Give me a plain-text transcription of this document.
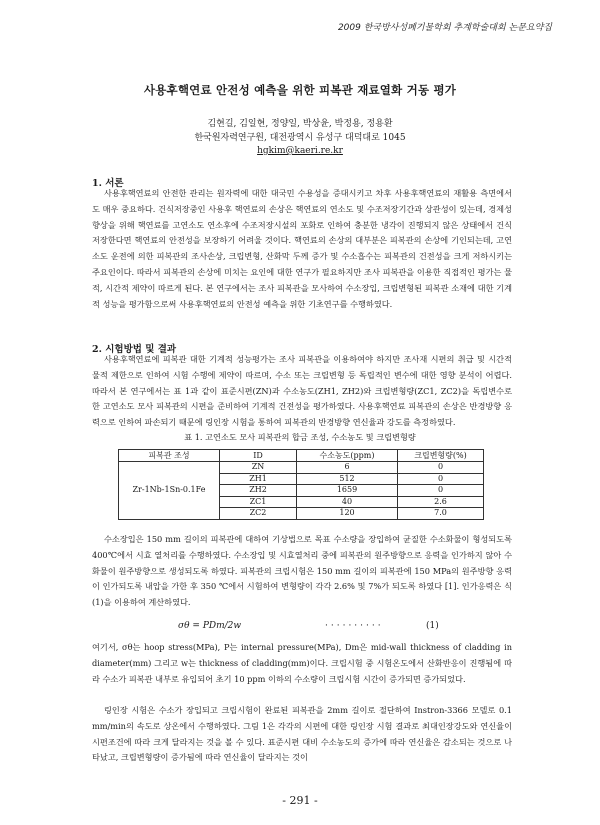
2009 한국방사성폐기물학회 추계학술대회 논문요약집
사용후핵연료 안전성 예측을 위한 피복관 재료열화 거동 평가
김현길, 김일현, 정양일, 박상윤, 박정용, 정용환
한국원자력연구원, 대전광역시 유성구 대덕대로 1045
hgkim@kaeri.re.kr
1. 서론

사용후핵연료의 안전한 관리는 원자력에 대한 대국민 수용성을 증대시키고 차후 사용후핵연료의 재활용 측면에서도 매우 중요하다. 건식저장중인 사용후 핵연료의 손상은 핵연료의 연소도 및 수조저장기간과 상관성이 있는데, 경제성 향상을 위해 핵연료를 고연소도 연소후에 수조저장시설의 포화로 인하여 충분한 냉각이 진행되지 않은 상태에서 건식저장한다면 핵연료의 안전성을 보장하기 어려울 것이다. 핵연료의 손상의 대부분은 피복관의 손상에 기인되는데, 고연소도 운전에 의한 피복관의 조사손상, 크립변형, 산화막 두께 증가 및 수소흡수는 피복관의 건전성을 크게 저하시키는 주요인이다. 따라서 피복관의 손상에 미치는 요인에 대한 연구가 필요하지만 조사 피복관을 이용한 직접적인 평가는 물적, 시간적 제약이 따르게 된다. 본 연구에서는 조사 피복관을 모사하여 수소장입, 크립변형된 피복관 소재에 대한 기계적 성능을 평가함으로써 사용후핵연료의 안전성 예측을 위한 기초연구를 수행하였다.

2. 시험방법 및 결과

사용후핵연료에 피복관 대한 기계적 성능평가는 조사 피복관을 이용하여야 하지만 조사재 시편의 취급 및 시간적 물적 제한으로 인하여 시험 수행에 제약이 따르며, 수소 또는 크립변형 등 독립적인 변수에 대한 영향 분석이 어렵다. 따라서 본 연구에서는 표 1과 같이 표준시편(ZN)과 수소농도(ZH1, ZH2)와 크립변형량(ZC1, ZC2)을 독립변수로 한 고연소도 모사 피복관의 시편을 준비하여 기계적 건전성을 평가하였다. 사용후핵연료 피복관의 손상은 반경방향 응력으로 인하여 파손되기 때문에 링인장 시험을 통하여 피복관의 반경방향 연신율과 강도를 측정하였다.

표 1. 고연소도 모사 피복관의 합금 조성, 수소농도 및 크립변형량
피복관 조성	ID	수소농도(ppm)	크립변형량(%)
Zr-1Nb-1Sn-0.1Fe	ZN	6	0
	ZH1	512	0
	ZH2	1659	0
	ZC1	40	2.6
	ZC2	120	7.0

수소장입은 150 mm 길이의 피복관에 대하여 기상법으로 목표 수소량을 장입하여 균질한 수소화물이 형성되도록 400℃에서 시효 열처리를 수행하였다. 수소장입 및 시효열처리 중에 피복관의 원주방향으로 응력을 인가하지 않아 수화물이 원주방향으로 생성되도록 하였다. 피복관의 크립시험은 150 mm 길이의 피복관에 150 MPa의 원주방향 응력이 인가되도록 내압을 가한 후 350 ℃에서 시험하여 변형량이 각각 2.6% 및 7%가 되도록 하였다 [1]. 인가응력은 식 (1)을 이용하여 계산하였다.

σθ = PDm/2w	··········	(1)

여기서, σθ는 hoop stress(MPa), P는 internal pressure(MPa), Dm은 mid-wall thickness of cladding in diameter(mm) 그리고 w는 thickness of cladding(mm)이다. 크립시험 중 시험온도에서 산화반응이 진행됨에 따라 수소가 피복관 내부로 유입되어 초기 10 ppm 이하의 수소량이 크립시험 시간이 증가되면 증가되었다.

링인장 시험은 수소가 장입되고 크립시험이 완료된 피복관을 2mm 길이로 절단하여 Instron-3366 모델로 0.1 mm/min의 속도로 상온에서 수행하였다. 그림 1은 각각의 시편에 대한 링인장 시험 결과로 최대인장강도와 연신율이 시편조건에 따라 크게 달라지는 것을 볼 수 있다. 표준시편 대비 수소농도의 증가에 따라 연신율은 감소되는 것으로 나타났고, 크립변형량이 증가됨에 따라 연신율이 달라지는 것이

- 291 -
